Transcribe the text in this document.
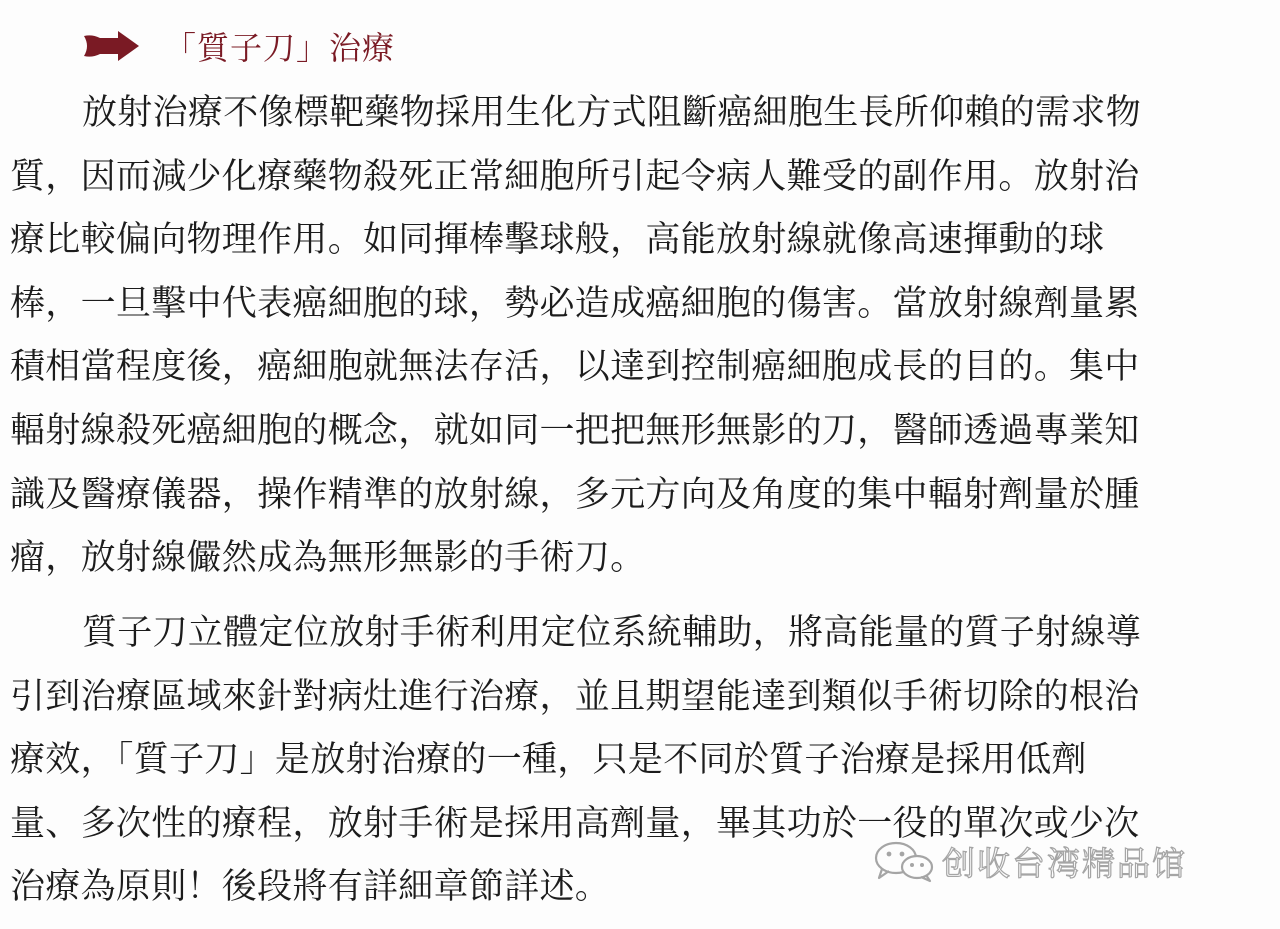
「質子刀」治療
放射治療不像標靶藥物採用生化方式阻斷癌細胞生長所仰賴的需求物
質，因而減少化療藥物殺死正常細胞所引起令病人難受的副作用。放射治
療比較偏向物理作用。如同揮棒擊球般，高能放射線就像高速揮動的球
棒，一旦擊中代表癌細胞的球，勢必造成癌細胞的傷害。當放射線劑量累
積相當程度後，癌細胞就無法存活，以達到控制癌細胞成長的目的。集中
輻射線殺死癌細胞的概念，就如同一把把無形無影的刀，醫師透過專業知
識及醫療儀器，操作精準的放射線，多元方向及角度的集中輻射劑量於腫
瘤，放射線儼然成為無形無影的手術刀。
質子刀立體定位放射手術利用定位系統輔助，將高能量的質子射線導
引到治療區域來針對病灶進行治療，並且期望能達到類似手術切除的根治
療效，「質子刀」是放射治療的一種，只是不同於質子治療是採用低劑
量、多次性的療程，放射手術是採用高劑量，畢其功於一役的單次或少次
治療為原則！後段將有詳細章節詳述。
创收台湾精品馆
